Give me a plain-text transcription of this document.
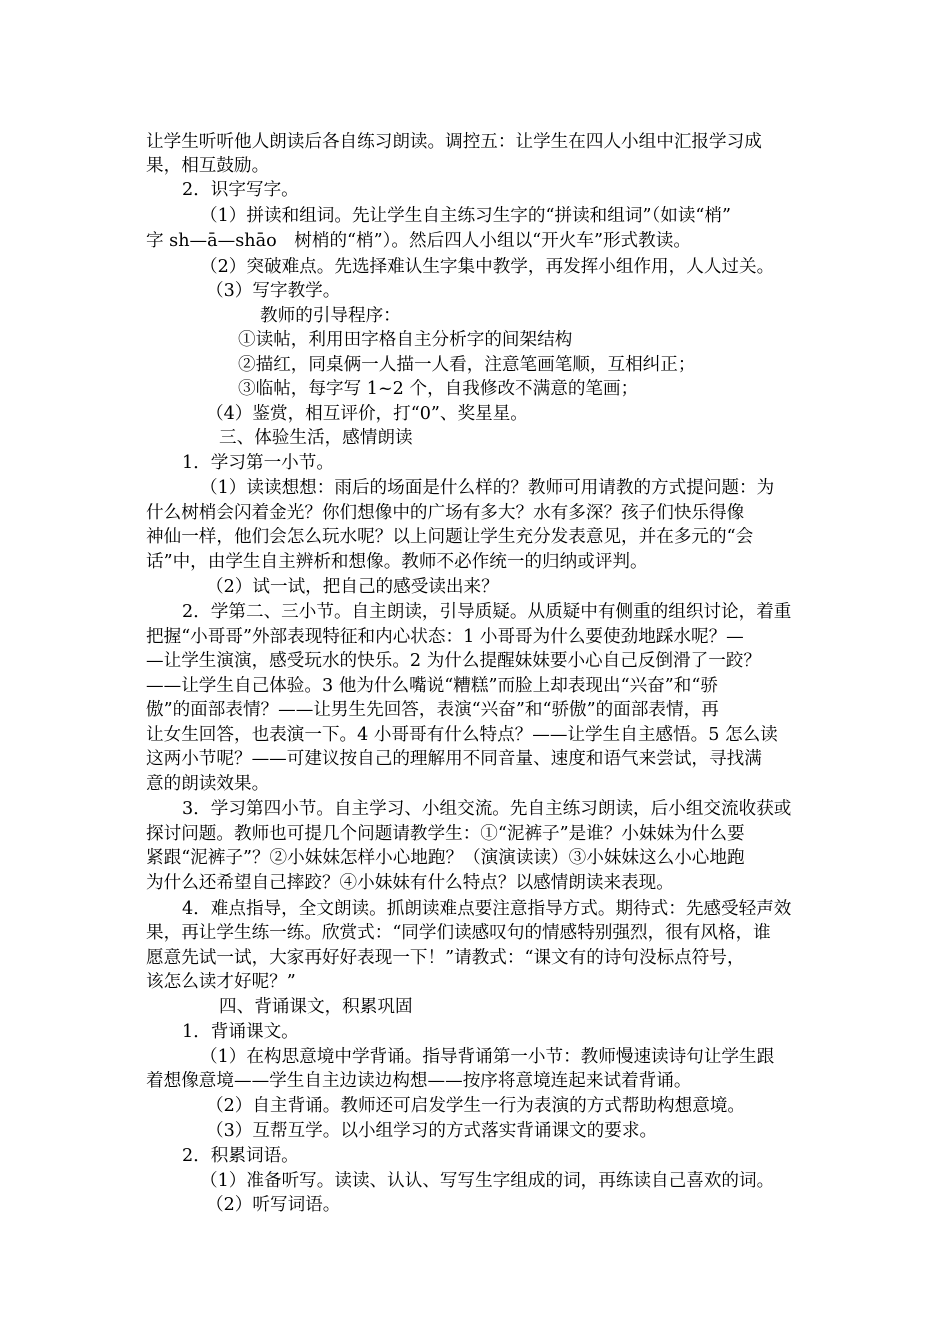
让学生听听他人朗读后各自练习朗读。调控五：让学生在四人小组中汇报学习成
果，相互鼓励。
2．识字写字。
（1）拼读和组词。先让学生自主练习生字的“拼读和组词”（如读“梢”
字 sh—ā—shāo　树梢的“梢”）。然后四人小组以“开火车”形式教读。
（2）突破难点。先选择难认生字集中教学，再发挥小组作用，人人过关。
（3）写字教学。
教师的引导程序：
①读帖，利用田字格自主分析字的间架结构
②描红，同桌俩一人描一人看，注意笔画笔顺，互相纠正；
③临帖，每字写 1~2 个，自我修改不满意的笔画；
（4）鉴赏，相互评价，打“0”、奖星星。
三、体验生活，感情朗读
1．学习第一小节。
（1）读读想想：雨后的场面是什么样的？教师可用请教的方式提问题：为
什么树梢会闪着金光？你们想像中的广场有多大？水有多深？孩子们快乐得像
神仙一样，他们会怎么玩水呢？以上问题让学生充分发表意见，并在多元的“会
话”中，由学生自主辨析和想像。教师不必作统一的归纳或评判。
（2）试一试，把自己的感受读出来？
2．学第二、三小节。自主朗读，引导质疑。从质疑中有侧重的组织讨论，着重
把握“小哥哥”外部表现特征和内心状态：1 小哥哥为什么要使劲地踩水呢？—
—让学生演演，感受玩水的快乐。2 为什么提醒妹妹要小心自己反倒滑了一跤？
——让学生自己体验。3 他为什么嘴说“糟糕”而脸上却表现出“兴奋”和“骄
傲”的面部表情？——让男生先回答，表演“兴奋”和“骄傲”的面部表情，再
让女生回答，也表演一下。4 小哥哥有什么特点？——让学生自主感悟。5 怎么读
这两小节呢？——可建议按自己的理解用不同音量、速度和语气来尝试，寻找满
意的朗读效果。
3．学习第四小节。自主学习、小组交流。先自主练习朗读，后小组交流收获或
探讨问题。教师也可提几个问题请教学生：①“泥裤子”是谁？小妹妹为什么要
紧跟“泥裤子”？②小妹妹怎样小心地跑？（演演读读）③小妹妹这么小心地跑
为什么还希望自己摔跤？④小妹妹有什么特点？以感情朗读来表现。
4．难点指导，全文朗读。抓朗读难点要注意指导方式。期待式：先感受轻声效
果，再让学生练一练。欣赏式：“同学们读感叹句的情感特别强烈，很有风格，谁
愿意先试一试，大家再好好表现一下！”请教式：“课文有的诗句没标点符号，
该怎么读才好呢？”
四、背诵课文，积累巩固
1．背诵课文。
（1）在构思意境中学背诵。指导背诵第一小节：教师慢速读诗句让学生跟
着想像意境——学生自主边读边构想——按序将意境连起来试着背诵。
（2）自主背诵。教师还可启发学生一行为表演的方式帮助构想意境。
（3）互帮互学。以小组学习的方式落实背诵课文的要求。
2．积累词语。
（1）准备听写。读读、认认、写写生字组成的词，再练读自己喜欢的词。
（2）听写词语。
